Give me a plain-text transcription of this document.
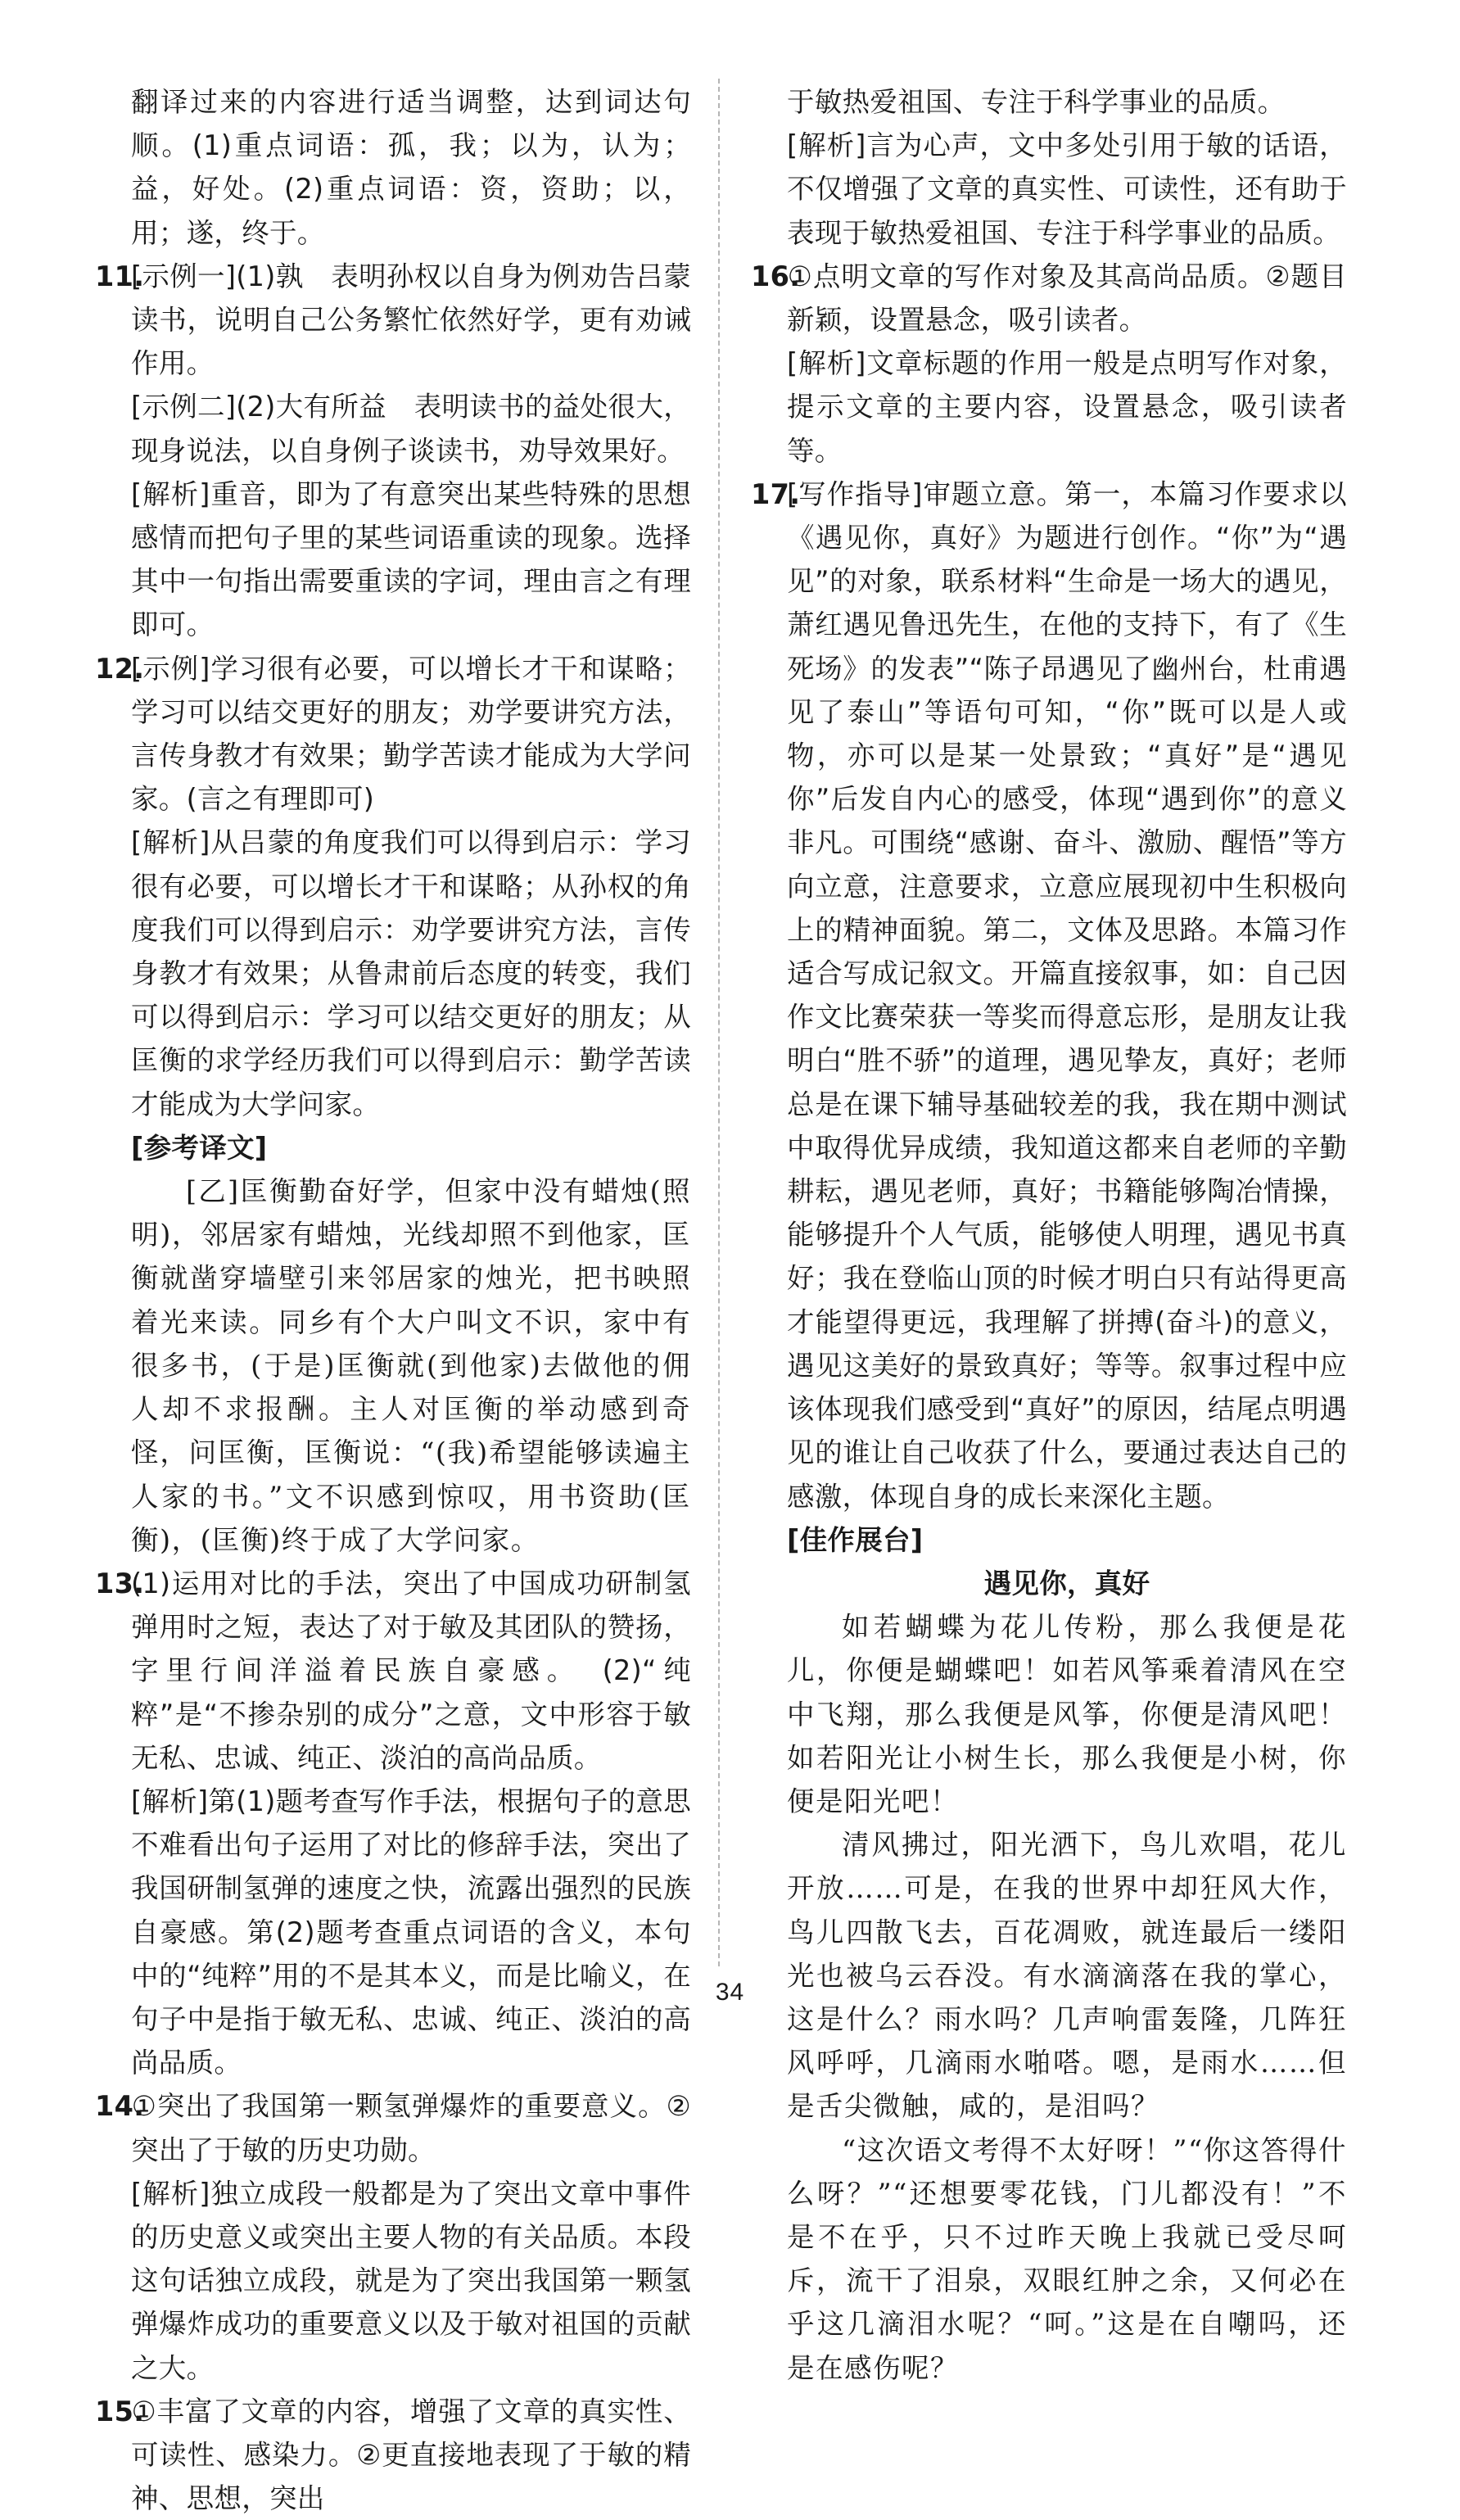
翻译过来的内容进行适当调整，达到词达句顺。(1)重点词语：孤，我；以为，认为；益，好处。(2)重点词语：资，资助；以，用；遂，终于。

11.[示例一](1)孰　表明孙权以自身为例劝告吕蒙读书，说明自己公务繁忙依然好学，更有劝诫作用。

[示例二](2)大有所益　表明读书的益处很大，现身说法，以自身例子谈读书，劝导效果好。

[解析]重音，即为了有意突出某些特殊的思想感情而把句子里的某些词语重读的现象。选择其中一句指出需要重读的字词，理由言之有理即可。

12.[示例]学习很有必要，可以增长才干和谋略；学习可以结交更好的朋友；劝学要讲究方法，言传身教才有效果；勤学苦读才能成为大学问家。(言之有理即可)

[解析]从吕蒙的角度我们可以得到启示：学习很有必要，可以增长才干和谋略；从孙权的角度我们可以得到启示：劝学要讲究方法，言传身教才有效果；从鲁肃前后态度的转变，我们可以得到启示：学习可以结交更好的朋友；从匡衡的求学经历我们可以得到启示：勤学苦读才能成为大学问家。

[参考译文]

[乙]匡衡勤奋好学，但家中没有蜡烛(照明)，邻居家有蜡烛，光线却照不到他家，匡衡就凿穿墙壁引来邻居家的烛光，把书映照着光来读。同乡有个大户叫文不识，家中有很多书，(于是)匡衡就(到他家)去做他的佣人却不求报酬。主人对匡衡的举动感到奇怪，问匡衡，匡衡说：“(我)希望能够读遍主人家的书。”文不识感到惊叹，用书资助(匡衡)，(匡衡)终于成了大学问家。

13.(1)运用对比的手法，突出了中国成功研制氢弹用时之短，表达了对于敏及其团队的赞扬，字里行间洋溢着民族自豪感。　(2)“纯粹”是“不掺杂别的成分”之意，文中形容于敏无私、忠诚、纯正、淡泊的高尚品质。

[解析]第(1)题考查写作手法，根据句子的意思不难看出句子运用了对比的修辞手法，突出了我国研制氢弹的速度之快，流露出强烈的民族自豪感。第(2)题考查重点词语的含义，本句中的“纯粹”用的不是其本义，而是比喻义，在句子中是指于敏无私、忠诚、纯正、淡泊的高尚品质。

14.①突出了我国第一颗氢弹爆炸的重要意义。②突出了于敏的历史功勋。

[解析]独立成段一般都是为了突出文章中事件的历史意义或突出主要人物的有关品质。本段这句话独立成段，就是为了突出我国第一颗氢弹爆炸成功的重要意义以及于敏对祖国的贡献之大。

15.①丰富了文章的内容，增强了文章的真实性、可读性、感染力。②更直接地表现了于敏的精神、思想，突出

于敏热爱祖国、专注于科学事业的品质。

[解析]言为心声，文中多处引用于敏的话语，不仅增强了文章的真实性、可读性，还有助于表现于敏热爱祖国、专注于科学事业的品质。

16.①点明文章的写作对象及其高尚品质。②题目新颖，设置悬念，吸引读者。

[解析]文章标题的作用一般是点明写作对象，提示文章的主要内容，设置悬念，吸引读者等。

17.[写作指导]审题立意。第一，本篇习作要求以《遇见你，真好》为题进行创作。“你”为“遇见”的对象，联系材料“生命是一场大的遇见，萧红遇见鲁迅先生，在他的支持下，有了《生死场》的发表”“陈子昂遇见了幽州台，杜甫遇见了泰山”等语句可知，“你”既可以是人或物，亦可以是某一处景致；“真好”是“遇见你”后发自内心的感受，体现“遇到你”的意义非凡。可围绕“感谢、奋斗、激励、醒悟”等方向立意，注意要求，立意应展现初中生积极向上的精神面貌。第二，文体及思路。本篇习作适合写成记叙文。开篇直接叙事，如：自己因作文比赛荣获一等奖而得意忘形，是朋友让我明白“胜不骄”的道理，遇见挚友，真好；老师总是在课下辅导基础较差的我，我在期中测试中取得优异成绩，我知道这都来自老师的辛勤耕耘，遇见老师，真好；书籍能够陶冶情操，能够提升个人气质，能够使人明理，遇见书真好；我在登临山顶的时候才明白只有站得更高才能望得更远，我理解了拼搏(奋斗)的意义，遇见这美好的景致真好；等等。叙事过程中应该体现我们感受到“真好”的原因，结尾点明遇见的谁让自己收获了什么，要通过表达自己的感激，体现自身的成长来深化主题。

[佳作展台]

遇见你，真好

如若蝴蝶为花儿传粉，那么我便是花儿，你便是蝴蝶吧！如若风筝乘着清风在空中飞翔，那么我便是风筝，你便是清风吧！如若阳光让小树生长，那么我便是小树，你便是阳光吧！

清风拂过，阳光洒下，鸟儿欢唱，花儿开放……可是，在我的世界中却狂风大作，鸟儿四散飞去，百花凋败，就连最后一缕阳光也被乌云吞没。有水滴滴落在我的掌心，这是什么？雨水吗？几声响雷轰隆，几阵狂风呼呼，几滴雨水啪嗒。嗯，是雨水……但是舌尖微触，咸的，是泪吗？

“这次语文考得不太好呀！”“你这答得什么呀？”“还想要零花钱，门儿都没有！”不是不在乎，只不过昨天晚上我就已受尽呵斥，流干了泪泉，双眼红肿之余，又何必在乎这几滴泪水呢？“呵。”这是在自嘲吗，还是在感伤呢？

34
